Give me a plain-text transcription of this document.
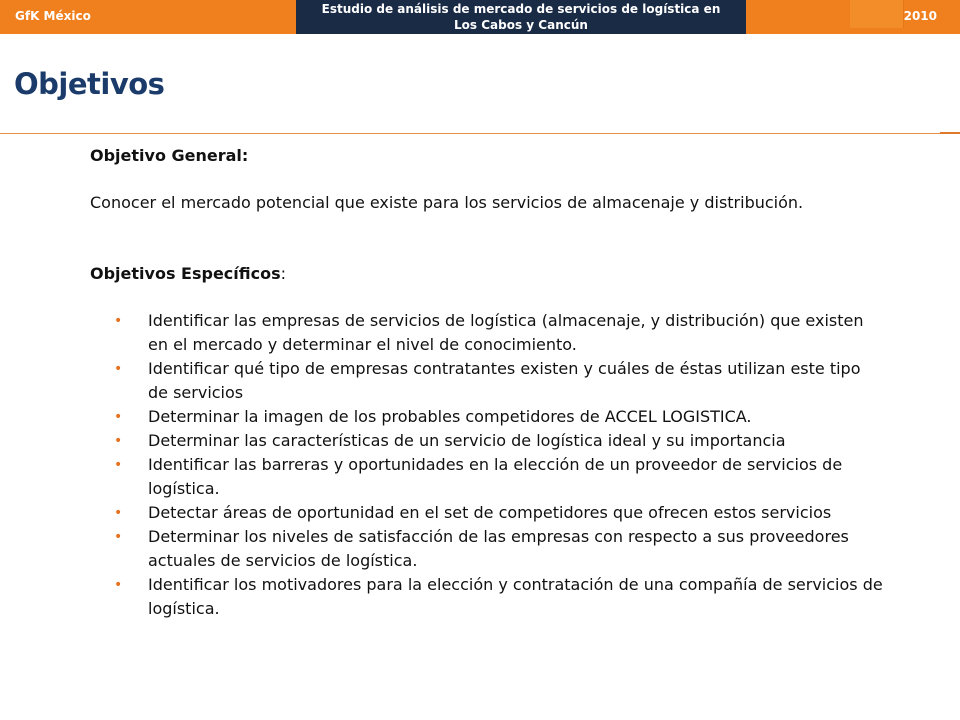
GfK México	Estudio de análisis de mercado de servicios de logística en
Los Cabos y Cancún
2010
Objetivos

Objetivo General:

Conocer el mercado potencial que existe para los servicios de almacenaje y distribución.

Objetivos Específicos:

• Identificar las empresas de servicios de logística (almacenaje, y distribución) que existen
en el mercado y determinar el nivel de conocimiento.
• Identificar qué tipo de empresas contratantes existen y cuáles de éstas utilizan este tipo
de servicios
• Determinar la imagen de los probables competidores de ACCEL LOGISTICA.
• Determinar las características de un servicio de logística ideal y su importancia
• Identificar las barreras y oportunidades en la elección de un proveedor de servicios de
logística.
• Detectar áreas de oportunidad en el set de competidores que ofrecen estos servicios
• Determinar los niveles de satisfacción de las empresas con respecto a sus proveedores
actuales de servicios de logística.
• Identificar los motivadores para la elección y contratación de una compañía de servicios de
logística.
